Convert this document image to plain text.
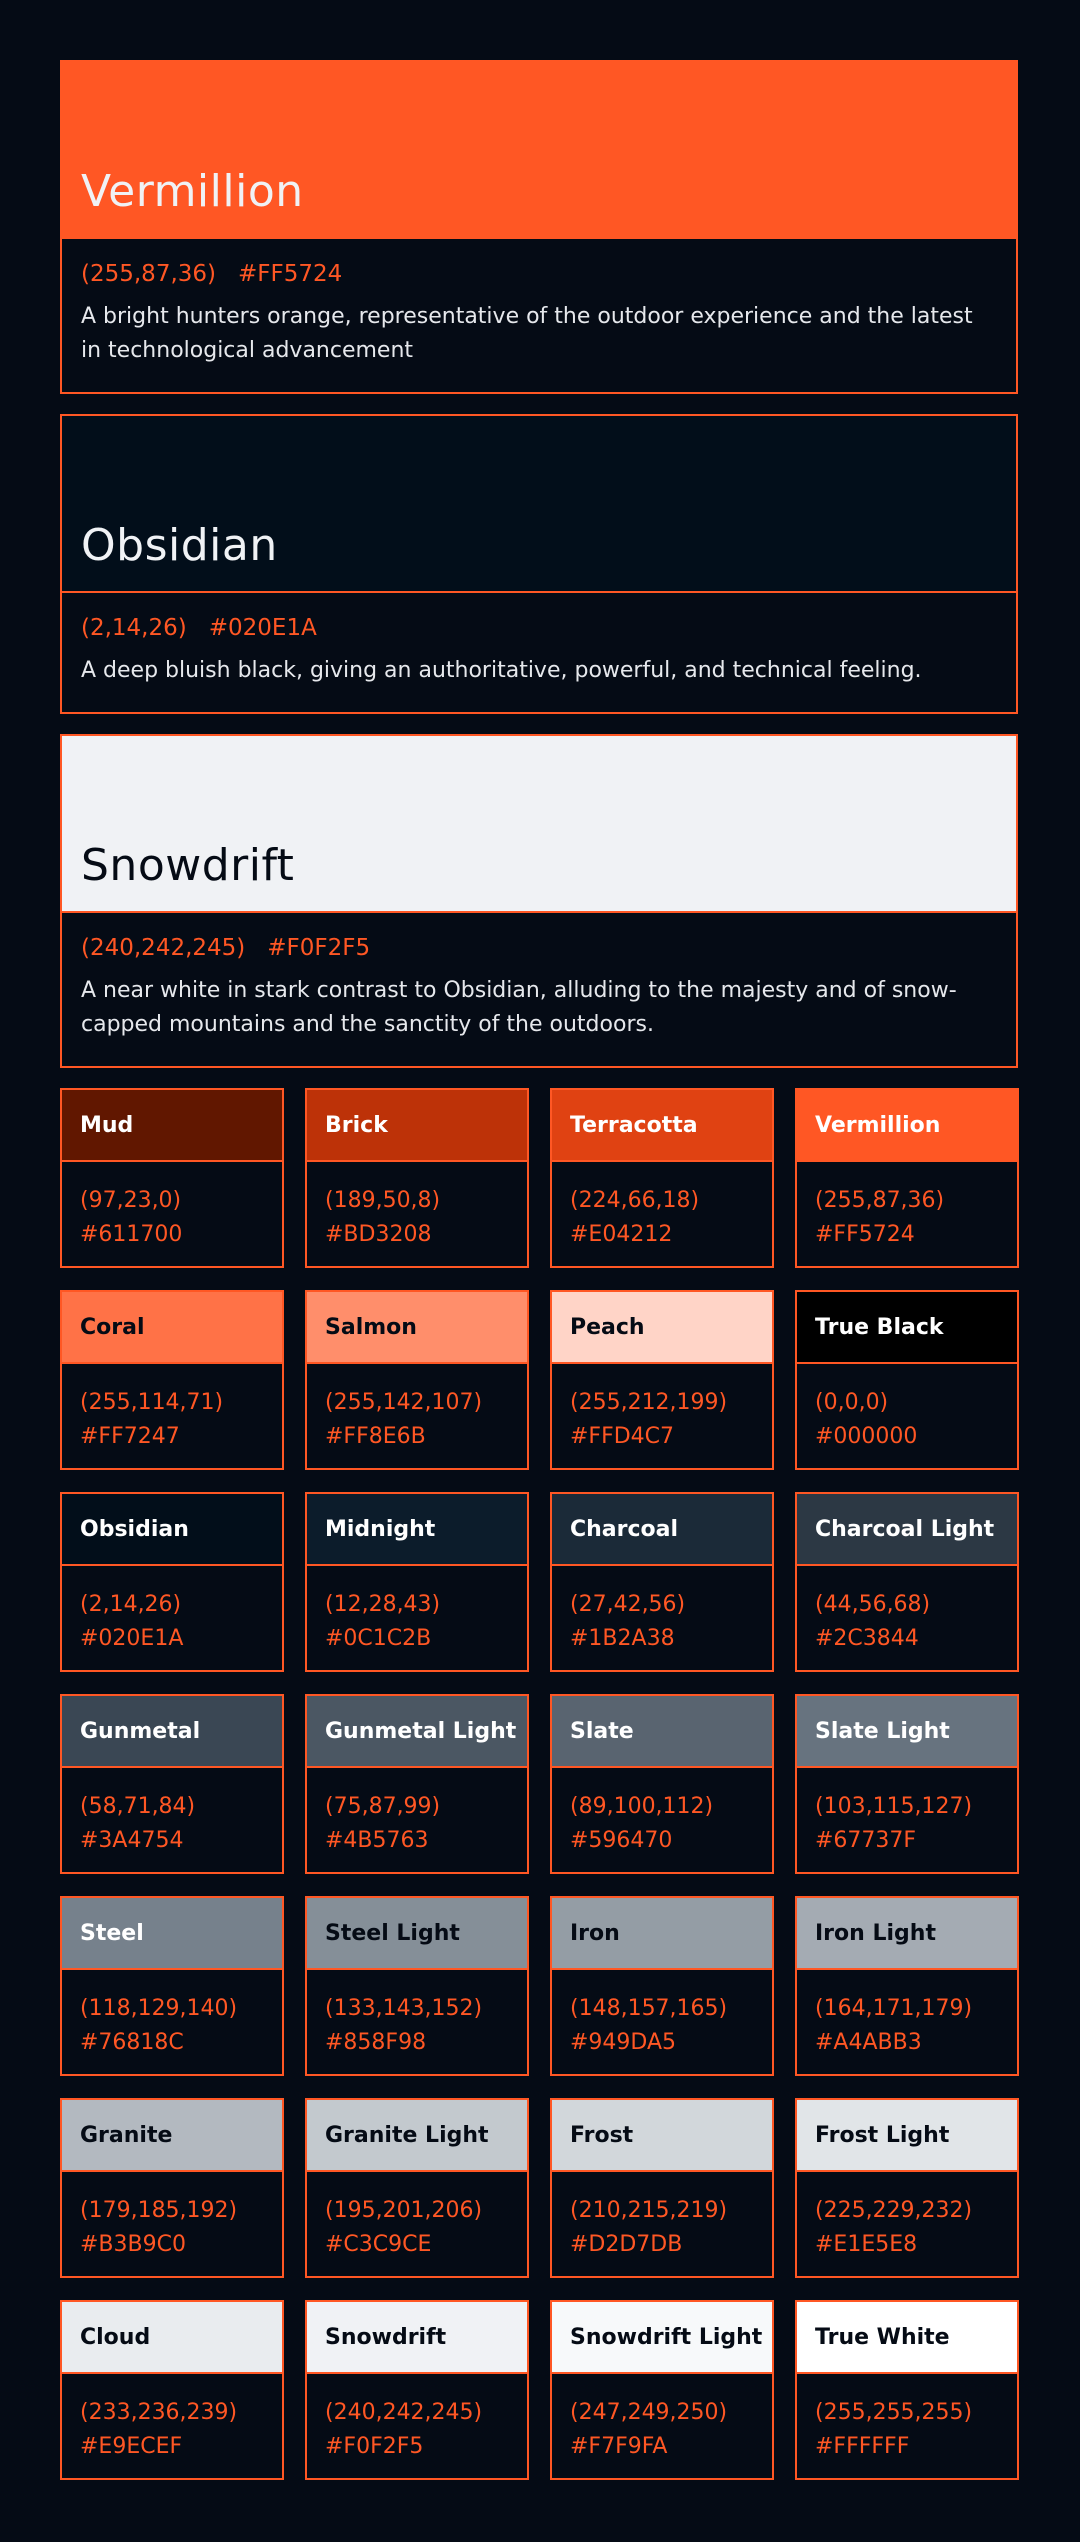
Vermillion
(255,87,36) #FF5724
A bright hunters orange, representative of the outdoor experience and the latest in technological advancement
Obsidian
(2,14,26) #020E1A
A deep bluish black, giving an authoritative, powerful, and technical feeling.
Snowdrift
(240,242,245) #F0F2F5
A near white in stark contrast to Obsidian, alluding to the majesty and of snow-capped mountains and the sanctity of the outdoors.
Mud
(97,23,0)
#611700
Brick
(189,50,8)
#BD3208
Terracotta
(224,66,18)
#E04212
Vermillion
(255,87,36)
#FF5724
Coral
(255,114,71)
#FF7247
Salmon
(255,142,107)
#FF8E6B
Peach
(255,212,199)
#FFD4C7
True Black
(0,0,0)
#000000
Obsidian
(2,14,26)
#020E1A
Midnight
(12,28,43)
#0C1C2B
Charcoal
(27,42,56)
#1B2A38
Charcoal Light
(44,56,68)
#2C3844
Gunmetal
(58,71,84)
#3A4754
Gunmetal Light
(75,87,99)
#4B5763
Slate
(89,100,112)
#596470
Slate Light
(103,115,127)
#67737F
Steel
(118,129,140)
#76818C
Steel Light
(133,143,152)
#858F98
Iron
(148,157,165)
#949DA5
Iron Light
(164,171,179)
#A4ABB3
Granite
(179,185,192)
#B3B9C0
Granite Light
(195,201,206)
#C3C9CE
Frost
(210,215,219)
#D2D7DB
Frost Light
(225,229,232)
#E1E5E8
Cloud
(233,236,239)
#E9ECEF
Snowdrift
(240,242,245)
#F0F2F5
Snowdrift Light
(247,249,250)
#F7F9FA
True White
(255,255,255)
#FFFFFF
